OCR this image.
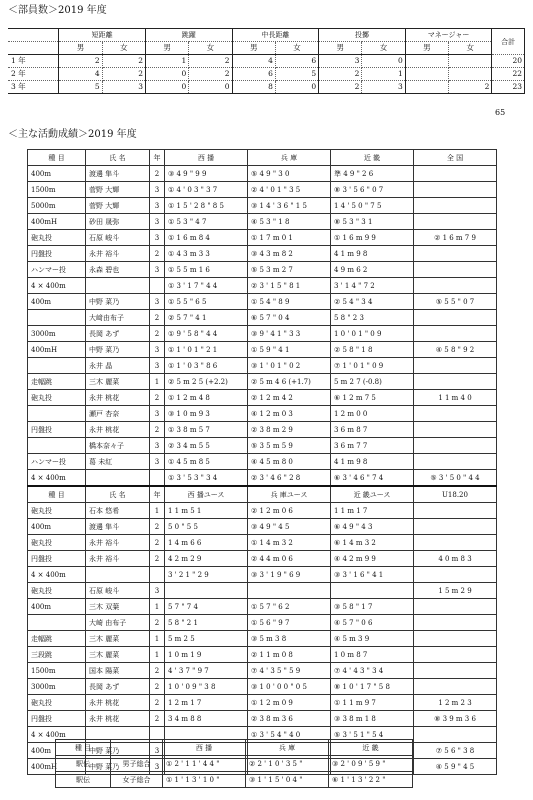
＜部員数＞2019 年度
	短距離		跳躍		中長距離		投擲		マネージャー		合計
	男	女	男	女	男	女	男	女	男	女	
1 年	2	2	1	2	4	6	3	0			20
2 年	4	2	0	2	6	5	2	1			22
3 年	5	3	0	0	8	0	2	3		2	23
65
＜主な活動成績＞2019 年度
種 目	氏 名	年	西 播	兵 庫	近 畿	全 国
400m	渡邊 隼斗	2	③ 4 9 " 9 9	⑤ 4 9 " 3 0	準 4 9 " 2 6	
1500m	菅野 大輝	3	① 4 ' 0 3 " 3 7	② 4 ' 0 1 " 3 5	⑧ 3 ' 5 6 " 0 7	
5000m	菅野 大輝	3	① 1 5 ' 2 8 " 8 5	③ 1 4 ' 3 6 " 1 5	1 4 ' 5 0 " 7 5	
400mH	砂田 晟弥	3	① 5 3 " 4 7	④ 5 3 " 1 8	⑧ 5 3 " 3 1	
砲丸投	石原 峻斗	3	① 1 6 m 8 4	① 1 7 m 0 1	① 1 6 m 9 9	② 1 6 m 7 9
円盤投	永井 裕斗	2	① 4 3 m 3 3	③ 4 3 m 8 2	4 1 m 9 8	
ハンマー投	永森 碧也	3	① 5 5 m 1 6	⑤ 5 3 m 2 7	4 9 m 6 2	
4 × 400m			① 3 ' 1 7 " 4 4	② 3 ' 1 5 " 8 1	3 ' 1 4 " 7 2	
400m	中野 菜乃	3	① 5 5 " 6 5	① 5 4 " 8 9	② 5 4 " 3 4	⑤ 5 5 " 0 7
	大﨑由布子	2	② 5 7 " 4 1	⑥ 5 7 " 0 4	5 8 " 2 3	
3000m	長岡 あず	2	① 9 ' 5 8 " 4 4	③ 9 ' 4 1 " 3 3	1 0 ' 0 1 " 0 9	
400mH	中野 菜乃	3	① 1 ' 0 1 " 2 1	① 5 9 " 4 1	② 5 8 " 1 8	④ 5 8 " 9 2
	永井 晶	3	① 1 ' 0 3 " 8 6	③ 1 ' 0 1 " 0 2	⑦ 1 ' 0 1 " 0 9	
走幅跳	三木 麗菜	1	② 5 m 2 5 (+2.2)	② 5 m 4 6 (+1.7)	5 m 2 7 (-0.8)	
砲丸投	永井 桃花	2	① 1 2 m 4 8	② 1 2 m 4 2	⑥ 1 2 m 7 5	1 1 m 4 0
	瀬戸 杏奈	3	③ 1 0 m 9 3	④ 1 2 m 0 3	1 2 m 0 0	
円盤投	永井 桃花	2	① 3 8 m 5 7	② 3 8 m 2 9	3 6 m 8 7	
	橋本奈々子	3	② 3 4 m 5 5	⑤ 3 5 m 5 9	3 6 m 7 7	
ハンマー投	葛 未紅	3	① 4 5 m 8 5	④ 4 5 m 8 0	4 1 m 9 8	
4 × 400m			① 3 ' 5 3 " 3 4	② 3 ' 4 6 " 2 8	⑥ 3 ' 4 6 " 7 4	⑤ 3 ' 5 0 " 4 4
種 目	氏 名	年	西 播ユース	兵 庫ユース	近 畿ユース	U18.20
砲丸投	石本 悠希	1	1 1 m 5 1	② 1 2 m 0 6	1 1 m 1 7	
400m	渡邊 隼斗	2	5 0 " 5 5	③ 4 9 " 4 5	⑥ 4 9 " 4 3	
砲丸投	永井 裕斗	2	1 4 m 6 6	① 1 4 m 3 2	⑥ 1 4 m 3 2	
円盤投	永井 裕斗	2	4 2 m 2 9	② 4 4 m 0 6	④ 4 2 m 9 9	4 0 m 8 3
4 × 400m			3 ' 2 1 " 2 9	③ 3 ' 1 9 " 6 9	③ 3 ' 1 6 " 4 1	
砲丸投	石原 峻斗	3				1 5 m 2 9
400m	三木 双葉	1	5 7 " 7 4	① 5 7 " 6 2	③ 5 8 " 1 7	
	大崎 由布子	2	5 8 " 2 1	① 5 6 " 9 7	④ 5 7 " 0 6	
走幅跳	三木 麗菜	1	5 m 2 5	③ 5 m 3 8	④ 5 m 3 9	
三段跳	三木 麗菜	1	1 0 m 1 9	② 1 1 m 0 8	1 0 m 8 7	
1500m	国本 陽菜	2	4 ' 3 7 " 9 7	⑦ 4 ' 3 5 " 5 9	⑦ 4 ' 4 3 " 3 4	
3000m	長岡 あず	2	1 0 ' 0 9 " 3 8	③ 1 0 ' 0 0 " 0 5	⑧ 1 0 ' 1 7 " 5 8	
砲丸投	永井 桃花	2	1 2 m 1 7	① 1 2 m 0 9	① 1 1 m 9 7	1 2 m 2 3
円盤投	永井 桃花	2	3 4 m 8 8	② 3 8 m 3 6	③ 3 8 m 1 8	⑧ 3 9 m 3 6
4 × 400m				① 3 ' 5 4 " 4 0	⑤ 3 ' 5 1 " 5 4	
400m	中野 菜乃	3				⑦ 5 6 " 3 8
400mH	中野 菜乃	3				④ 5 9 " 4 5
種 目		西 播	兵 庫	近 畿
駅伝	男子総合	① 2 ' 1 1 ' 4 4 "	② 2 ' 1 0 ' 3 5 "	③ 2 ' 0 9 ' 5 9 "
駅伝	女子総合	① 1 ' 1 3 ' 1 0 "	③ 1 ' 1 5 ' 0 4 "	⑥ 1 ' 1 3 ' 2 2 "
